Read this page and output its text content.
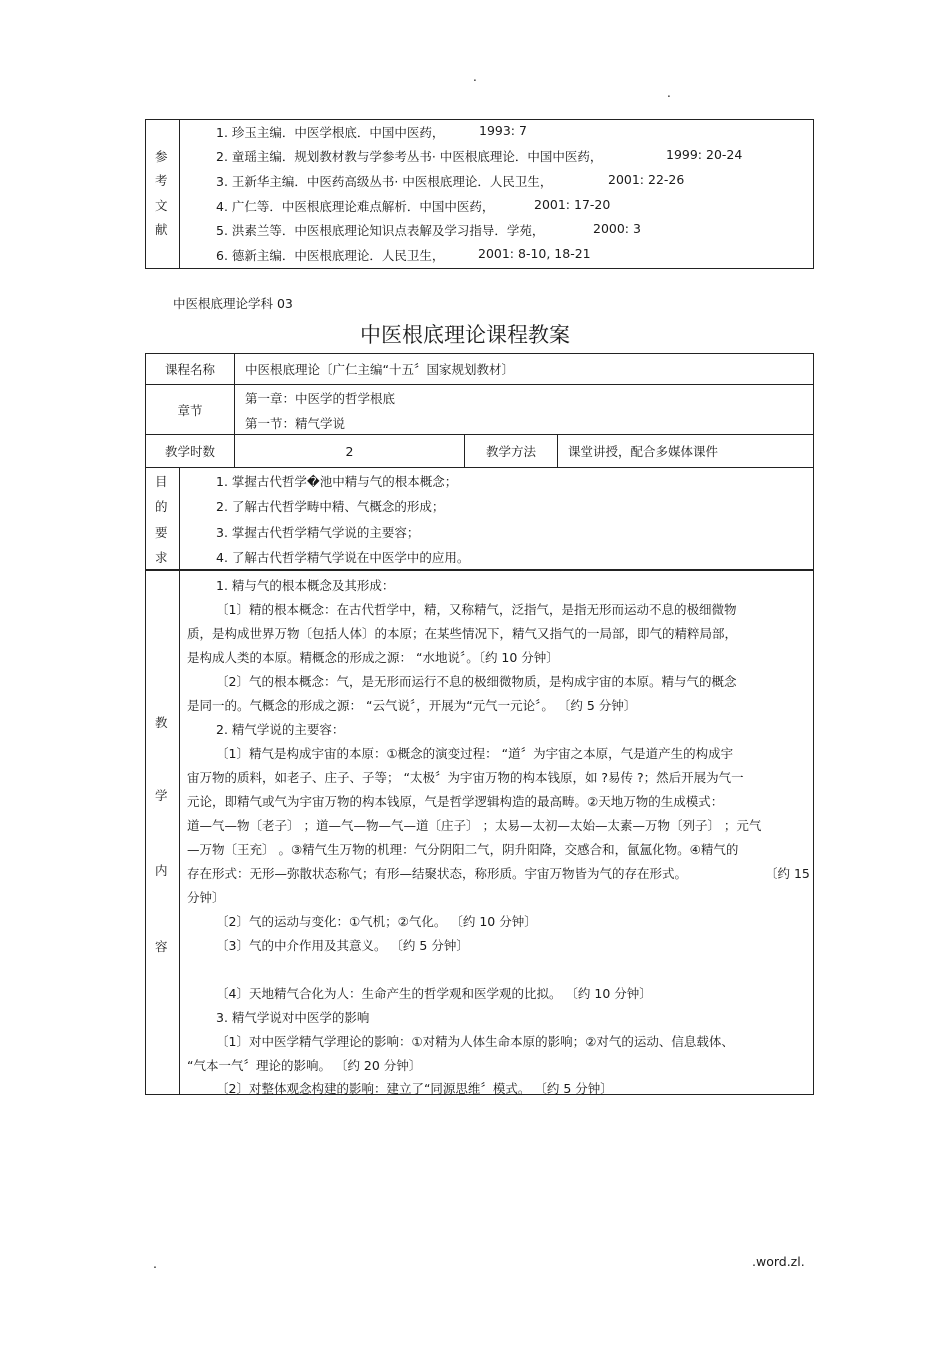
.
.
参
考
文
献

1. 珍玉主编．中医学根底．中国中医药，	1993: 7
2. 童瑶主编．规划教材教与学参考丛书· 中医根底理论．中国中医药，	1999: 20-24
3. 王新华主编．中医药高级丛书· 中医根底理论．人民卫生，	2001: 22-26
4. 广仁等．中医根底理论难点解析．中国中医药，	2001: 17-20
5. 洪素兰等．中医根底理论知识点表解及学习指导．学苑，	2000: 3
6. 德新主编．中医根底理论．人民卫生，	2001: 8-10, 18-21
中医根底理论学科 03
中医根底理论课程教案
课程名称	中医根底理论〔广仁主编“十五〞国家规划教材〕		
章节	第一章：中医学的哲学根底
第一节：精气学说		

教学时数	2	教学方法	课堂讲授，配合多媒体课件
目
的
要
求

1. 掌握古代哲学�池中精与气的根本概念；
2. 了解古代哲学畴中精、气概念的形成；
3. 掌握古代哲学精气学说的主要容；
4. 了解古代哲学精气学说在中医学中的应用。
教
学
内
容

1. 精与气的根本概念及其形成：
〔1〕精的根本概念：在古代哲学中，精，又称精气，泛指气，是指无形而运动不息的极细微物
质，是构成世界万物〔包括人体〕的本原；在某些情况下，精气又指气的一局部，即气的精粹局部，
是构成人类的本原。精概念的形成之源： “水地说〞。〔约 10 分钟〕
〔2〕气的根本概念：气，是无形而运行不息的极细微物质，是构成宇宙的本原。精与气的概念
是同一的。气概念的形成之源： “云气说〞，开展为“元气一元论〞。 〔约 5 分钟〕
2. 精气学说的主要容：
〔1〕精气是构成宇宙的本原：①概念的演变过程： “道〞为宇宙之本原，气是道产生的构成宇
宙万物的质料，如老子、庄子、子等； “太极〞为宇宙万物的构本钱原，如 ?易传 ?；然后开展为气一
元论，即精气或气为宇宙万物的构本钱原，气是哲学逻辑构造的最高畴。②天地万物的生成模式：
道—气—物〔老子〕 ；道—气—物—气—道〔庄子〕 ；太易—太初—太始—太素—万物〔列子〕 ；元气
—万物〔王充〕 。③精气生万物的机理：气分阴阳二气，阴升阳降，交感合和，氤氲化物。④精气的
存在形式：无形—弥散状态称气；有形—结聚状态，称形质。宇宙万物皆为气的存在形式。	〔约 15
分钟〕
〔2〕气的运动与变化：①气机；②气化。 〔约 10 分钟〕
〔3〕气的中介作用及其意义。 〔约 5 分钟〕
〔4〕天地精气合化为人：生命产生的哲学观和医学观的比拟。 〔约 10 分钟〕
3. 精气学说对中医学的影响
〔1〕对中医学精气学理论的影响：①对精为人体生命本原的影响；②对气的运动、信息载体、
“气本一气〞理论的影响。 〔约 20 分钟〕
〔2〕对整体观念构建的影响：建立了“同源思维〞模式。 〔约 5 分钟〕
.	.word.zl.
